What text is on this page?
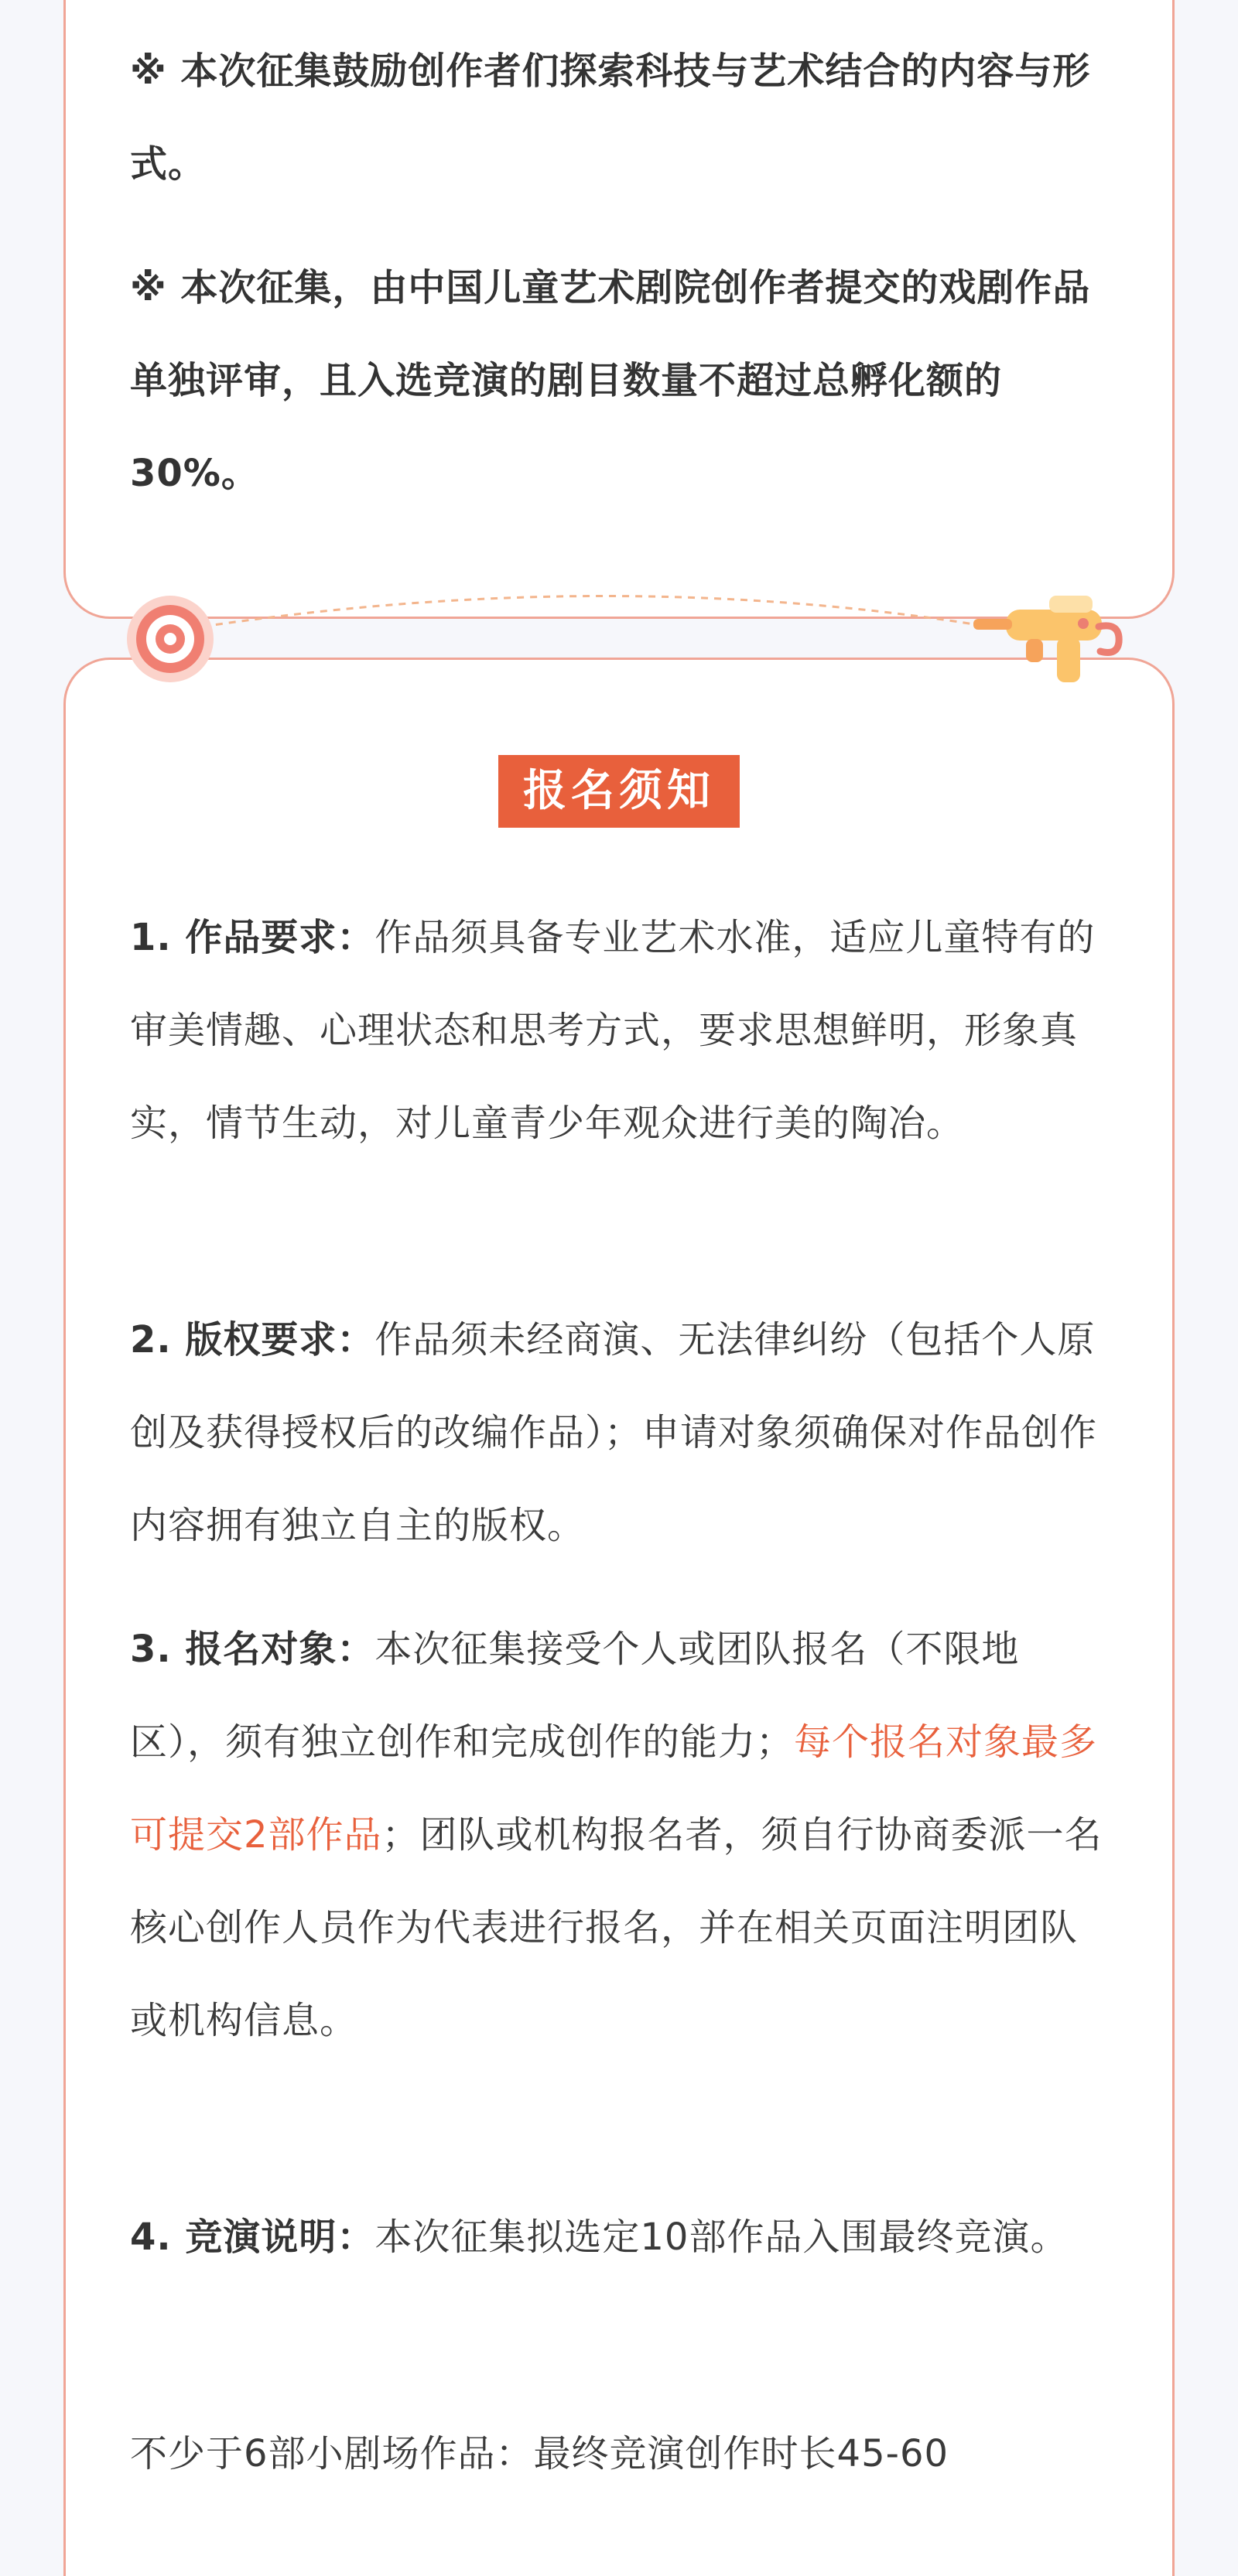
※ 本次征集鼓励创作者们探索科技与艺术结合的内容与形式。

※ 本次征集，由中国儿童艺术剧院创作者提交的戏剧作品单独评审，且入选竞演的剧目数量不超过总孵化额的30%。

报名须知

1. 作品要求：作品须具备专业艺术水准，适应儿童特有的审美情趣、心理状态和思考方式，要求思想鲜明，形象真实，情节生动，对儿童青少年观众进行美的陶冶。

2. 版权要求：作品须未经商演、无法律纠纷（包括个人原创及获得授权后的改编作品）；申请对象须确保对作品创作内容拥有独立自主的版权。

3. 报名对象：本次征集接受个人或团队报名（不限地区），须有独立创作和完成创作的能力；每个报名对象最多可提交2部作品；团队或机构报名者，须自行协商委派一名核心创作人员作为代表进行报名，并在相关页面注明团队或机构信息。

4. 竞演说明：本次征集拟选定10部作品入围最终竞演。

不少于6部小剧场作品：最终竞演创作时长45-60
